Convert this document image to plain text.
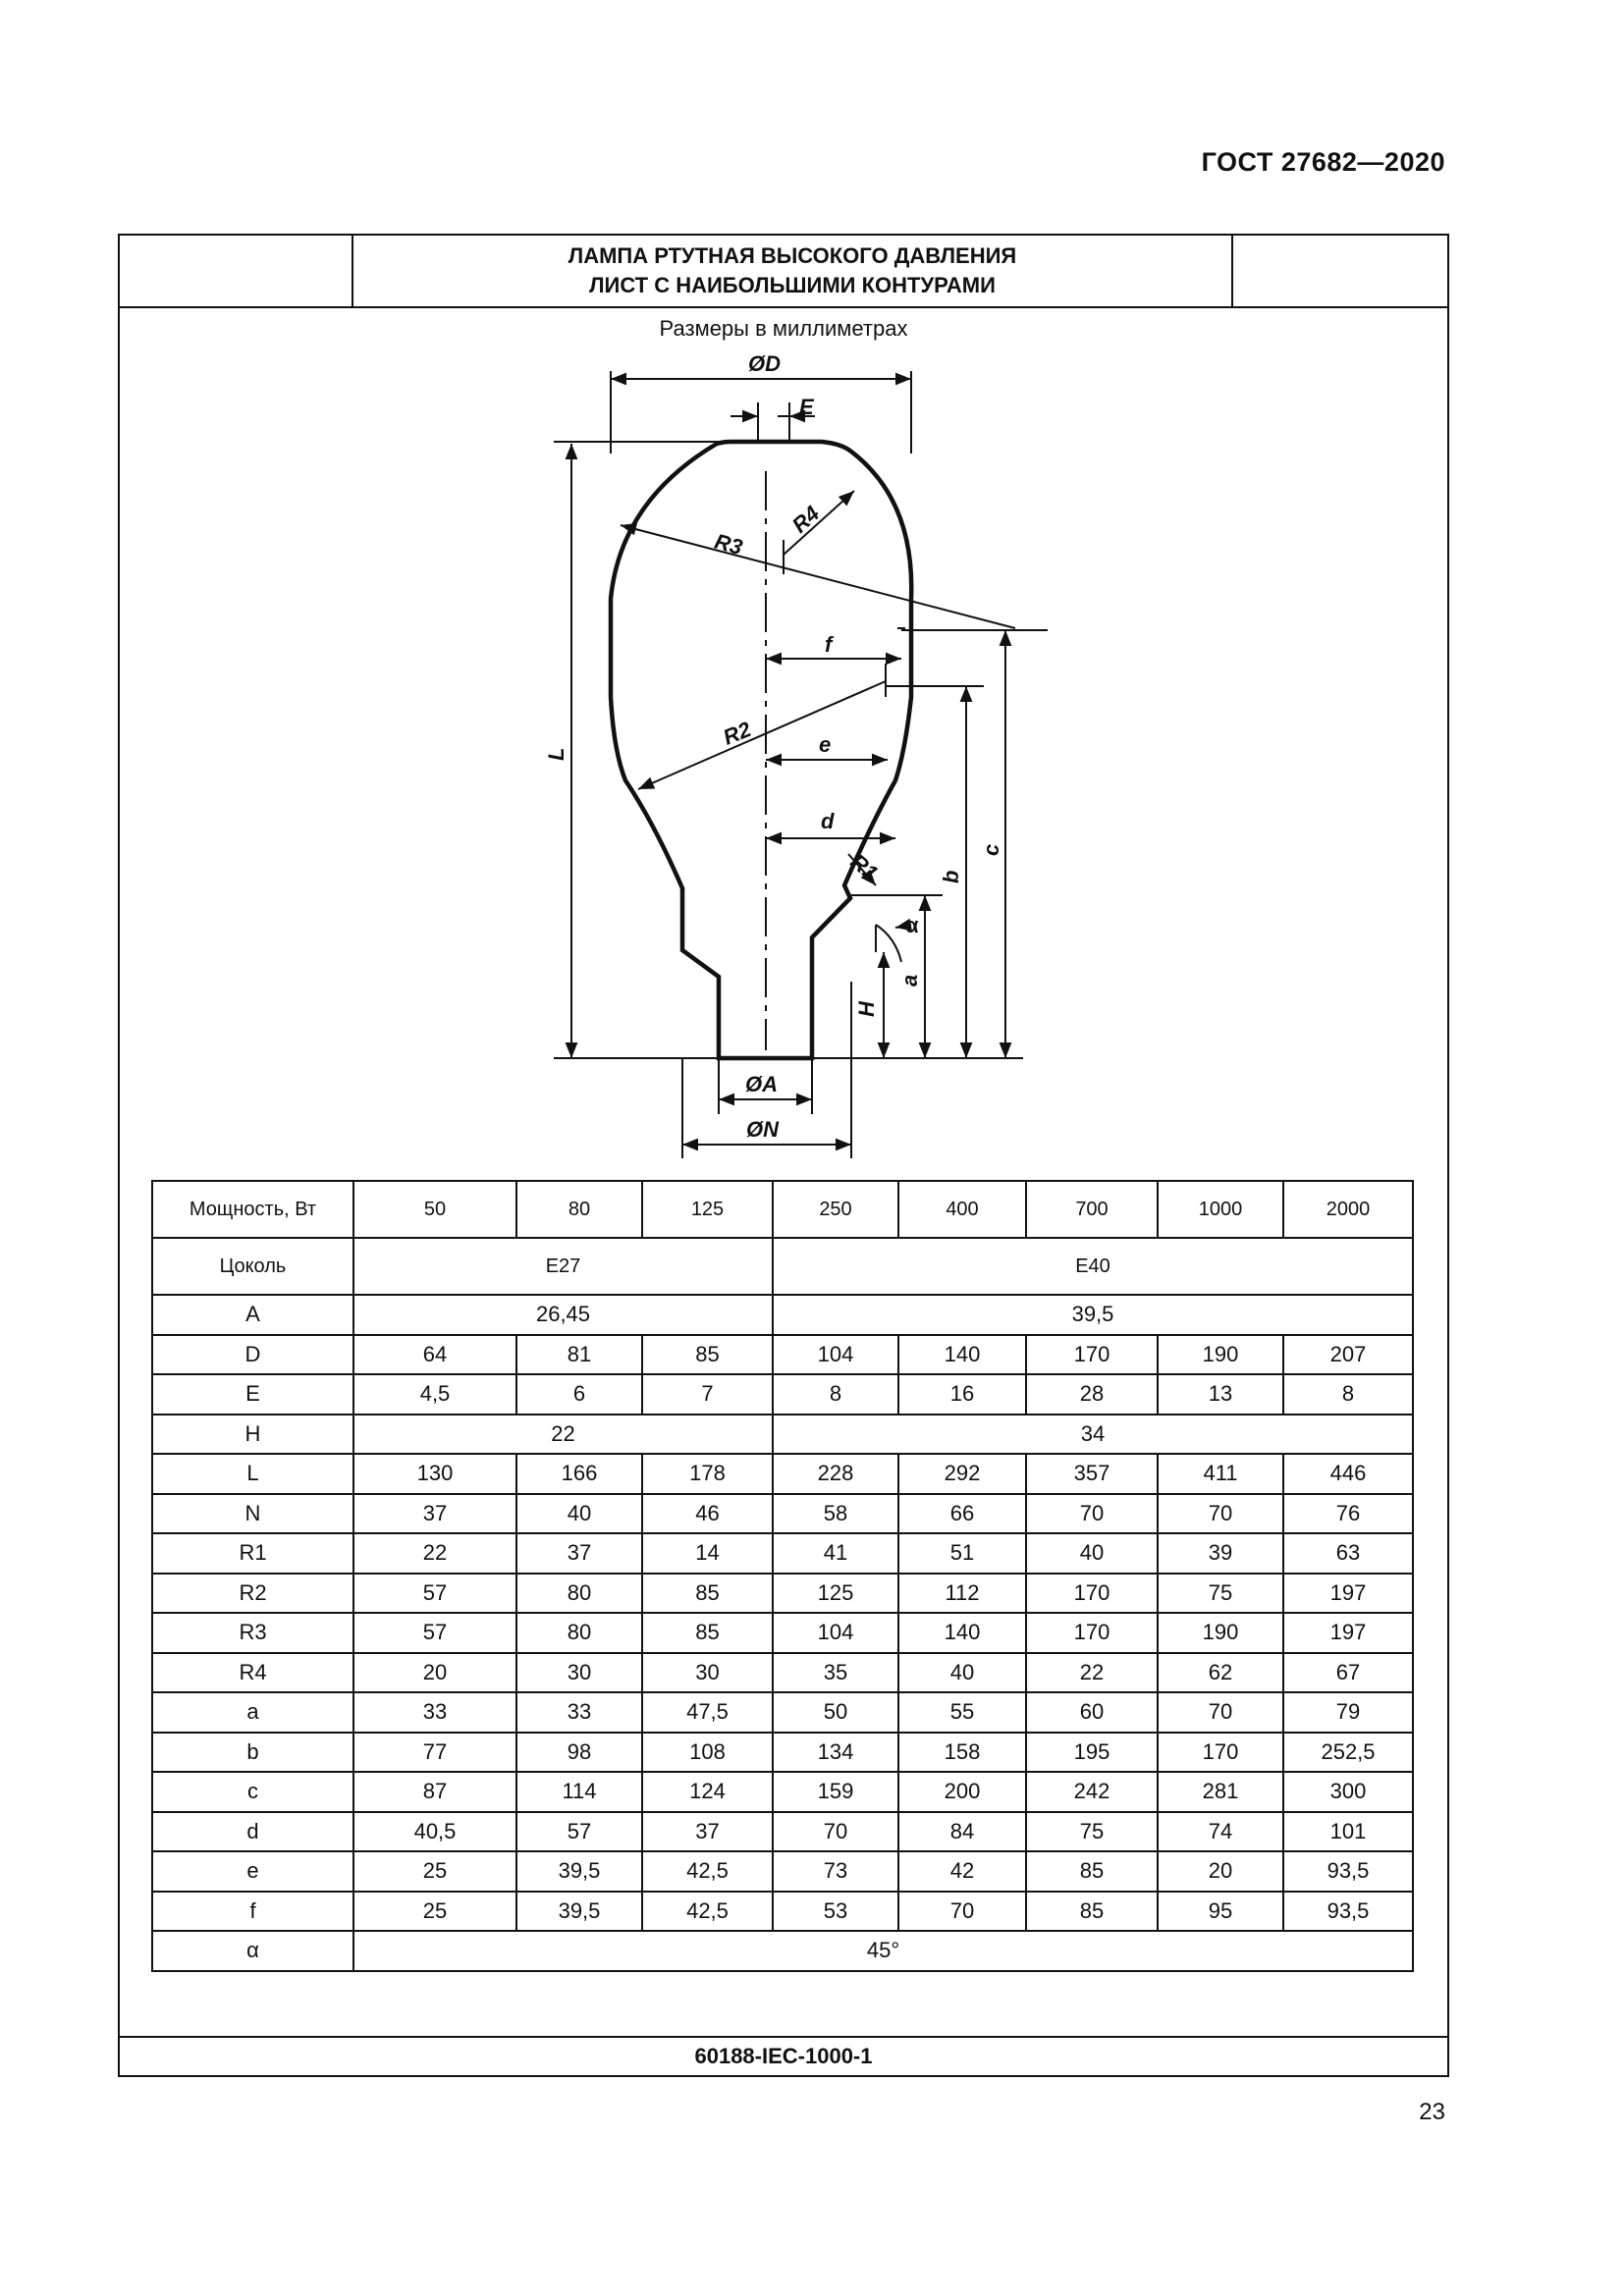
ГОСТ 27682—2020
ЛАМПА РТУТНАЯ ВЫСОКОГО ДАВЛЕНИЯ
ЛИСТ С НАИБОЛЬШИМИ КОНТУРАМИ
Размеры в миллиметрах
ØD
E
R4
R3
f
R2	e
d
R1
α
L
H
a
b
c
ØA
ØN
Мощность, Вт	50	80	125	250	400	700	1000	2000
Цоколь	E27			E40				
A	26,45			39,5				
D	64	81	85	104	140	170	190	207
E	4,5	6	7	8	16	28	13	8
H	22			34				
L	130	166	178	228	292	357	411	446
N	37	40	46	58	66	70	70	76
R1	22	37	14	41	51	40	39	63
R2	57	80	85	125	112	170	75	197
R3	57	80	85	104	140	170	190	197
R4	20	30	30	35	40	22	62	67
a	33	33	47,5	50	55	60	70	79
b	77	98	108	134	158	195	170	252,5
c	87	114	124	159	200	242	281	300
d	40,5	57	37	70	84	75	74	101
e	25	39,5	42,5	73	42	85	20	93,5
f	25	39,5	42,5	53	70	85	95	93,5
α	45°							
60188-IEC-1000-1
23
